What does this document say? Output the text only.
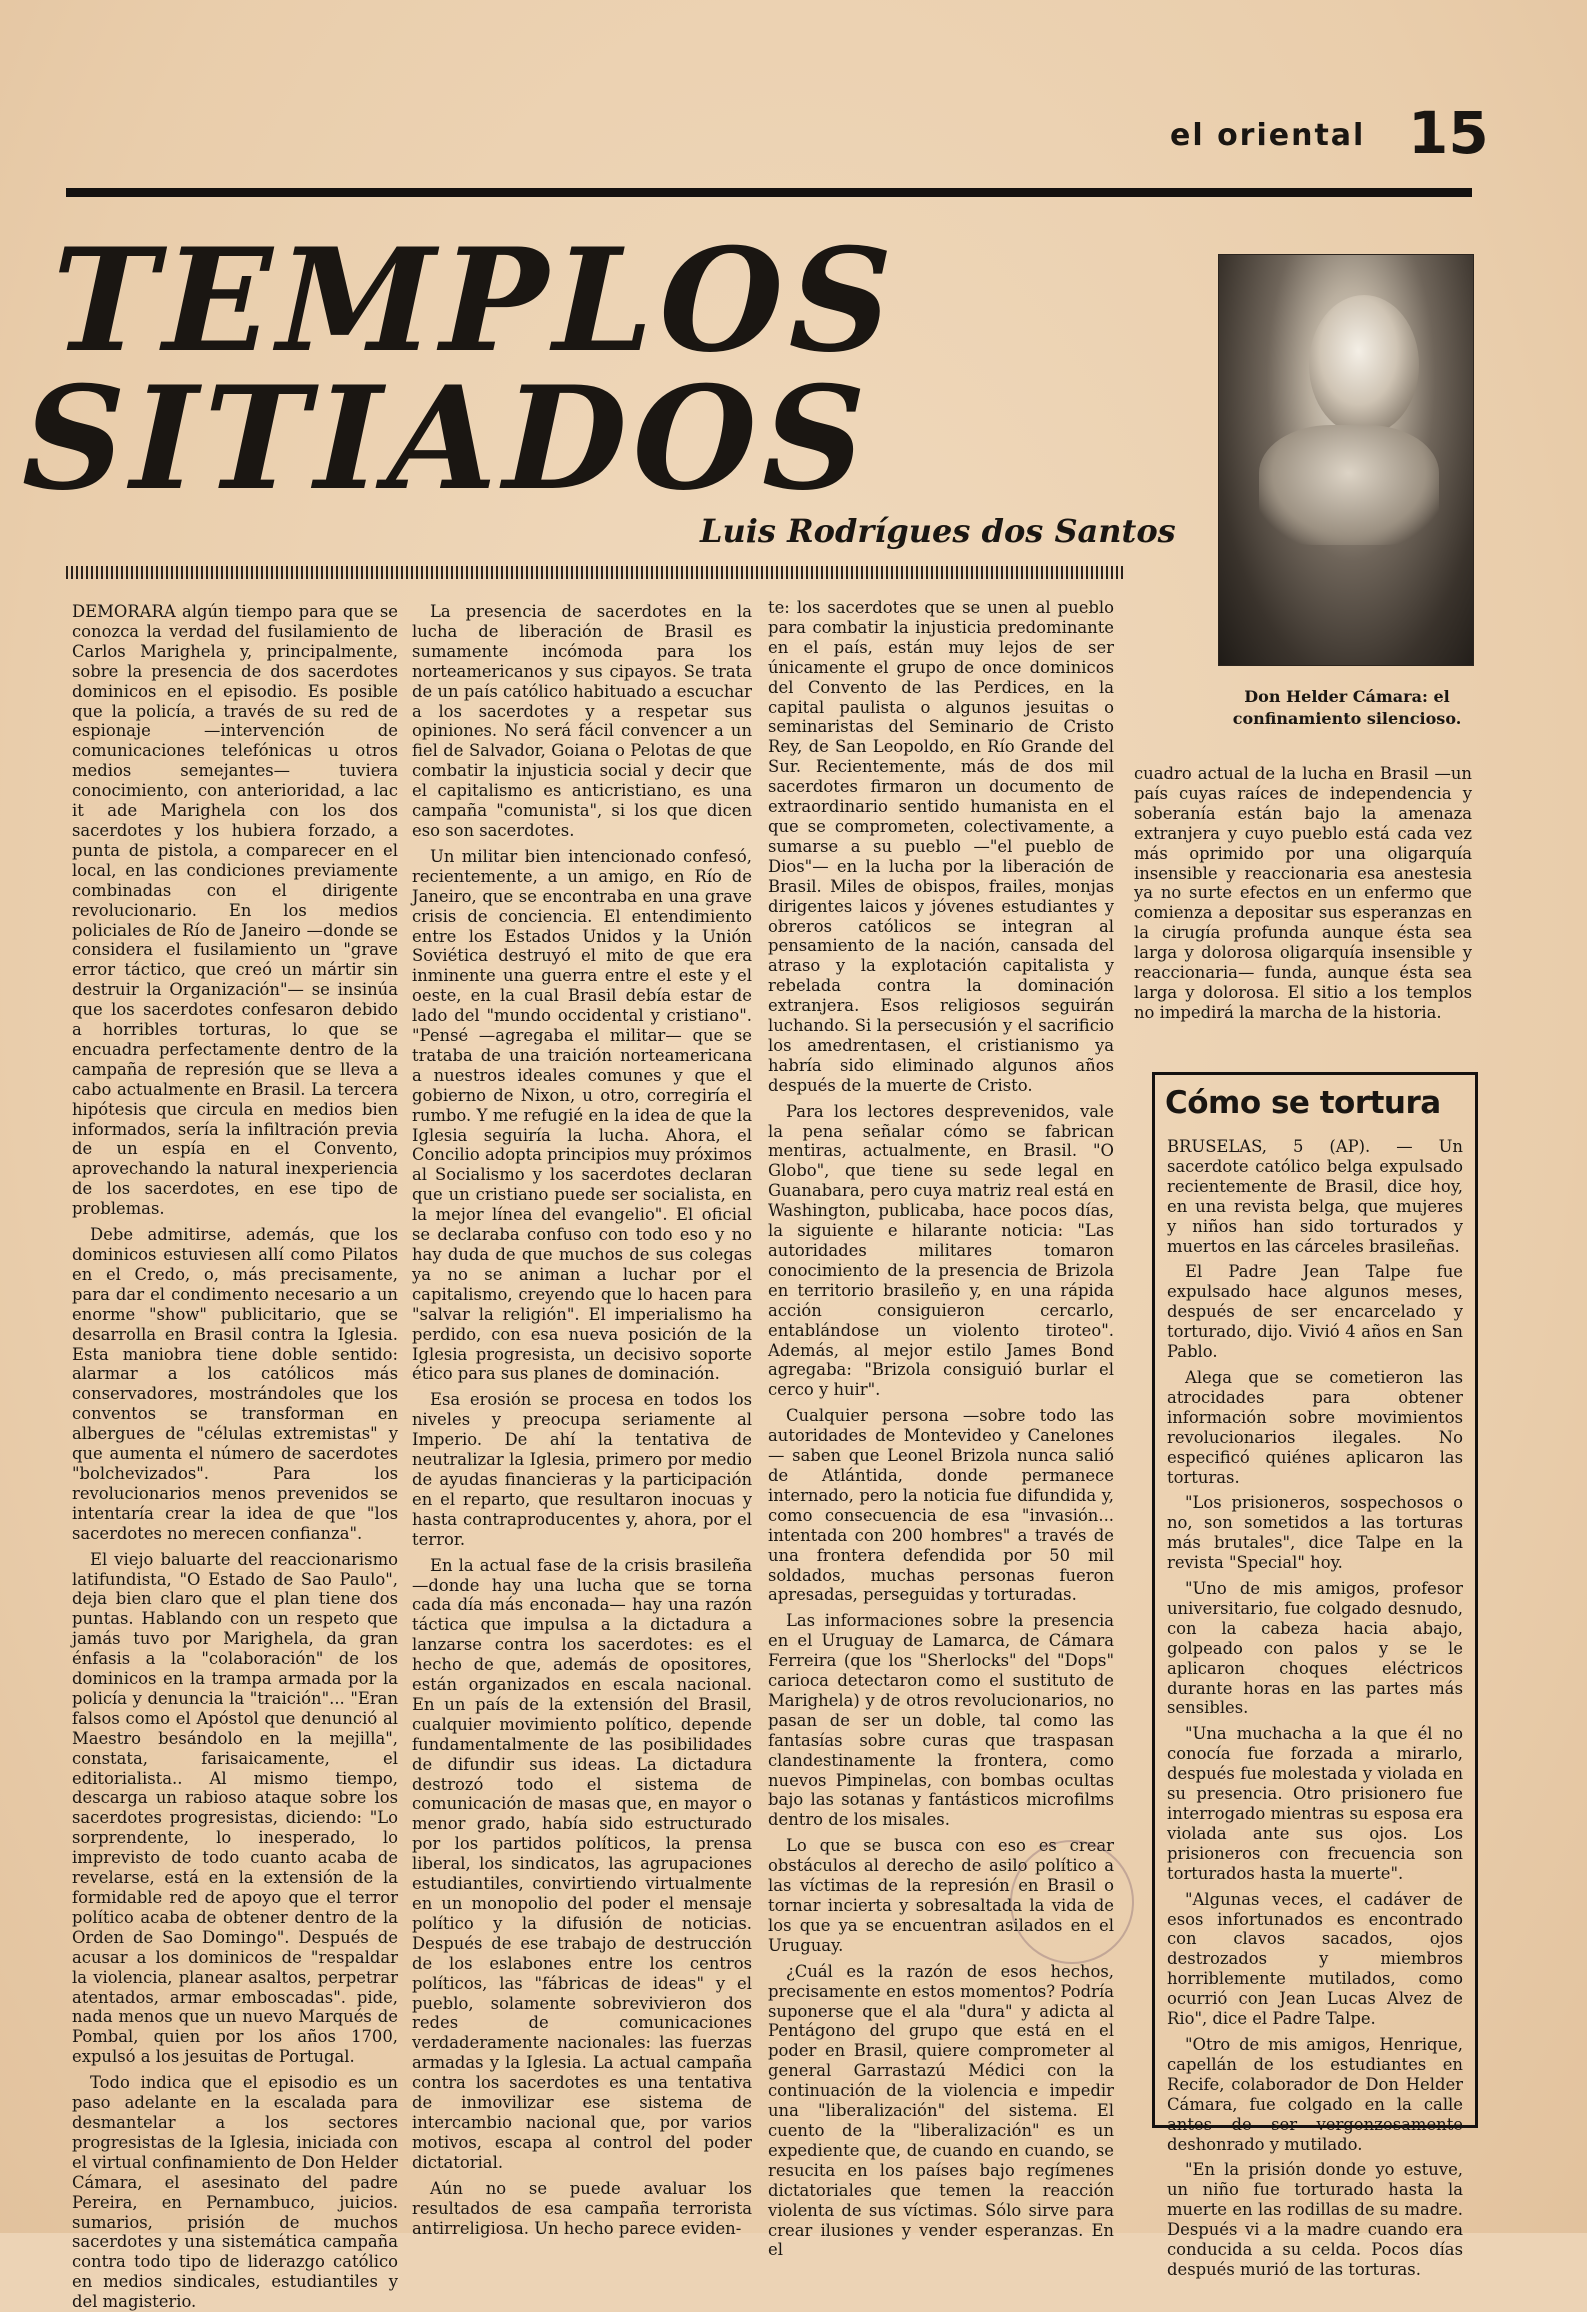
el oriental 15
TEMPLOS
SITIADOS
Luis Rodrígues dos Santos
Don Helder Cámara: el confinamiento silencioso.

DEMORARA algún tiempo para que se conozca la verdad del fusilamiento de Carlos Marighela y, principalmente, sobre la presencia de dos sacerdotes dominicos en el episodio. Es posible que la policía, a través de su red de espionaje —intervención de comunicaciones telefónicas u otros medios semejantes— tuviera conocimiento, con anterioridad, a lac it ade Marighela con los dos sacerdotes y los hubiera forzado, a punta de pistola, a comparecer en el local, en las condiciones previamente combinadas con el dirigente revolucionario. En los medios policiales de Río de Janeiro —donde se considera el fusilamiento un "grave error táctico, que creó un mártir sin destruir la Organización"— se insinúa que los sacerdotes confesaron debido a horribles torturas, lo que se encuadra perfectamente dentro de la campaña de represión que se lleva a cabo actualmente en Brasil. La tercera hipótesis que circula en medios bien informados, sería la infiltración previa de un espía en el Convento, aprovechando la natural inexperiencia de los sacerdotes, en ese tipo de problemas.

Debe admitirse, además, que los dominicos estuviesen allí como Pilatos en el Credo, o, más precisamente, para dar el condimento necesario a un enorme "show" publicitario, que se desarrolla en Brasil contra la Iglesia. Esta maniobra tiene doble sentido: alarmar a los católicos más conservadores, mostrándoles que los conventos se transforman en albergues de "células extremistas" y que aumenta el número de sacerdotes "bolchevizados". Para los revolucionarios menos prevenidos se intentaría crear la idea de que "los sacerdotes no merecen confianza".

El viejo baluarte del reaccionarismo latifundista, "O Estado de Sao Paulo", deja bien claro que el plan tiene dos puntas. Hablando con un respeto que jamás tuvo por Marighela, da gran énfasis a la "colaboración" de los dominicos en la trampa armada por la policía y denuncia la "traición"... "Eran falsos como el Apóstol que denunció al Maestro besándolo en la mejilla", constata, farisaicamente, el editorialista.. Al mismo tiempo, descarga un rabioso ataque sobre los sacerdotes progresistas, diciendo: "Lo sorprendente, lo inesperado, lo imprevisto de todo cuanto acaba de revelarse, está en la extensión de la formidable red de apoyo que el terror político acaba de obtener dentro de la Orden de Sao Domingo". Después de acusar a los dominicos de "respaldar la violencia, planear asaltos, perpetrar atentados, armar emboscadas". pide, nada menos que un nuevo Marqués de Pombal, quien por los años 1700, expulsó a los jesuitas de Portugal.

Todo indica que el episodio es un paso adelante en la escalada para desmantelar a los sectores progresistas de la Iglesia, iniciada con el virtual confinamiento de Don Helder Cámara, el asesinato del padre Pereira, en Pernambuco, juicios. sumarios, prisión de muchos sacerdotes y una sistemática campaña contra todo tipo de liderazgo católico en medios sindicales, estudiantiles y del magisterio.

La presencia de sacerdotes en la lucha de liberación de Brasil es sumamente incómoda para los norteamericanos y sus cipayos. Se trata de un país católico habituado a escuchar a los sacerdotes y a respetar sus opiniones. No será fácil convencer a un fiel de Salvador, Goiana o Pelotas de que combatir la injusticia social y decir que el capitalismo es anticristiano, es una campaña "comunista", si los que dicen eso son sacerdotes.

Un militar bien intencionado confesó, recientemente, a un amigo, en Río de Janeiro, que se encontraba en una grave crisis de conciencia. El entendimiento entre los Estados Unidos y la Unión Soviética destruyó el mito de que era inminente una guerra entre el este y el oeste, en la cual Brasil debía estar de lado del "mundo occidental y cristiano". "Pensé —agregaba el militar— que se trataba de una traición norteamericana a nuestros ideales comunes y que el gobierno de Nixon, u otro, corregiría el rumbo. Y me refugié en la idea de que la Iglesia seguiría la lucha. Ahora, el Concilio adopta principios muy próximos al Socialismo y los sacerdotes declaran que un cristiano puede ser socialista, en la mejor línea del evangelio". El oficial se declaraba confuso con todo eso y no hay duda de que muchos de sus colegas ya no se animan a luchar por el capitalismo, creyendo que lo hacen para "salvar la religión". El imperialismo ha perdido, con esa nueva posición de la Iglesia progresista, un decisivo soporte ético para sus planes de dominación.

Esa erosión se procesa en todos los niveles y preocupa seriamente al Imperio. De ahí la tentativa de neutralizar la Iglesia, primero por medio de ayudas financieras y la participación en el reparto, que resultaron inocuas y hasta contraproducentes y, ahora, por el terror.

En la actual fase de la crisis brasileña —donde hay una lucha que se torna cada día más enconada— hay una razón táctica que impulsa a la dictadura a lanzarse contra los sacerdotes: es el hecho de que, además de opositores, están organizados en escala nacional. En un país de la extensión del Brasil, cualquier movimiento político, depende fundamentalmente de las posibilidades de difundir sus ideas. La dictadura destrozó todo el sistema de comunicación de masas que, en mayor o menor grado, había sido estructurado por los partidos políticos, la prensa liberal, los sindicatos, las agrupaciones estudiantiles, convirtiendo virtualmente en un monopolio del poder el mensaje político y la difusión de noticias. Después de ese trabajo de destrucción de los eslabones entre los centros políticos, las "fábricas de ideas" y el pueblo, solamente sobrevivieron dos redes de comunicaciones verdaderamente nacionales: las fuerzas armadas y la Iglesia. La actual campaña contra los sacerdotes es una tentativa de inmovilizar ese sistema de intercambio nacional que, por varios motivos, escapa al control del poder dictatorial.

Aún no se puede avaluar los resultados de esa campaña terrorista antirreligiosa. Un hecho parece eviden-

te: los sacerdotes que se unen al pueblo para combatir la injusticia predominante en el país, están muy lejos de ser únicamente el grupo de once dominicos del Convento de las Perdices, en la capital paulista o algunos jesuitas o seminaristas del Seminario de Cristo Rey, de San Leopoldo, en Río Grande del Sur. Recientemente, más de dos mil sacerdotes firmaron un documento de extraordinario sentido humanista en el que se comprometen, colectivamente, a sumarse a su pueblo —"el pueblo de Dios"— en la lucha por la liberación de Brasil. Miles de obispos, frailes, monjas dirigentes laicos y jóvenes estudiantes y obreros católicos se integran al pensamiento de la nación, cansada del atraso y la explotación capitalista y rebelada contra la dominación extranjera. Esos religiosos seguirán luchando. Si la persecusión y el sacrificio los amedrentasen, el cristianismo ya habría sido eliminado algunos años después de la muerte de Cristo.

Para los lectores desprevenidos, vale la pena señalar cómo se fabrican mentiras, actualmente, en Brasil. "O Globo", que tiene su sede legal en Guanabara, pero cuya matriz real está en Washington, publicaba, hace pocos días, la siguiente e hilarante noticia: "Las autoridades militares tomaron conocimiento de la presencia de Brizola en territorio brasileño y, en una rápida acción consiguieron cercarlo, entablándose un violento tiroteo". Además, al mejor estilo James Bond agregaba: "Brizola consiguió burlar el cerco y huir".

Cualquier persona —sobre todo las autoridades de Montevideo y Canelones— saben que Leonel Brizola nunca salió de Atlántida, donde permanece internado, pero la noticia fue difundida y, como consecuencia de esa "invasión... intentada con 200 hombres" a través de una frontera defendida por 50 mil soldados, muchas personas fueron apresadas, perseguidas y torturadas.

Las informaciones sobre la presencia en el Uruguay de Lamarca, de Cámara Ferreira (que los "Sherlocks" del "Dops" carioca detectaron como el sustituto de Marighela) y de otros revolucionarios, no pasan de ser un doble, tal como las fantasías sobre curas que traspasan clandestinamente la frontera, como nuevos Pimpinelas, con bombas ocultas bajo las sotanas y fantásticos microfilms dentro de los misales.

Lo que se busca con eso es crear obstáculos al derecho de asilo político a las víctimas de la represión en Brasil o tornar incierta y sobresaltada la vida de los que ya se encuentran asilados en el Uruguay.

¿Cuál es la razón de esos hechos, precisamente en estos momentos? Podría suponerse que el ala "dura" y adicta al Pentágono del grupo que está en el poder en Brasil, quiere comprometer al general Garrastazú Médici con la continuación de la violencia e impedir una "liberalización" del sistema. El cuento de la "liberalización" es un expediente que, de cuando en cuando, se resucita en los países bajo regímenes dictatoriales que temen la reacción violenta de sus víctimas. Sólo sirve para crear ilusiones y vender esperanzas. En el

cuadro actual de la lucha en Brasil —un país cuyas raíces de independencia y soberanía están bajo la amenaza extranjera y cuyo pueblo está cada vez más oprimido por una oligarquía insensible y reaccionaria esa anestesia ya no surte efectos en un enfermo que comienza a depositar sus esperanzas en la cirugía profunda aunque ésta sea larga y dolorosa oligarquía insensible y reaccionaria— funda, aunque ésta sea larga y dolorosa. El sitio a los templos no impedirá la marcha de la historia.

Cómo se tortura

BRUSELAS, 5 (AP). — Un sacerdote católico belga expulsado recientemente de Brasil, dice hoy, en una revista belga, que mujeres y niños han sido torturados y muertos en las cárceles brasileñas.

El Padre Jean Talpe fue expulsado hace algunos meses, después de ser encarcelado y torturado, dijo. Vivió 4 años en San Pablo.

Alega que se cometieron las atrocidades para obtener información sobre movimientos revolucionarios ilegales. No especificó quiénes aplicaron las torturas.

"Los prisioneros, sospechosos o no, son sometidos a las torturas más brutales", dice Talpe en la revista "Special" hoy.

"Uno de mis amigos, profesor universitario, fue colgado desnudo, con la cabeza hacia abajo, golpeado con palos y se le aplicaron choques eléctricos durante horas en las partes más sensibles.

"Una muchacha a la que él no conocía fue forzada a mirarlo, después fue molestada y violada en su presencia. Otro prisionero fue interrogado mientras su esposa era violada ante sus ojos. Los prisioneros con frecuencia son torturados hasta la muerte".

"Algunas veces, el cadáver de esos infortunados es encontrado con clavos sacados, ojos destrozados y miembros horriblemente mutilados, como ocurrió con Jean Lucas Alvez de Rio", dice el Padre Talpe.

"Otro de mis amigos, Henrique, capellán de los estudiantes en Recife, colaborador de Don Helder Cámara, fue colgado en la calle antes de ser vergonzosamente deshonrado y mutilado.

"En la prisión donde yo estuve, un niño fue torturado hasta la muerte en las rodillas de su madre. Después vi a la madre cuando era conducida a su celda. Pocos días después murió de las torturas.
